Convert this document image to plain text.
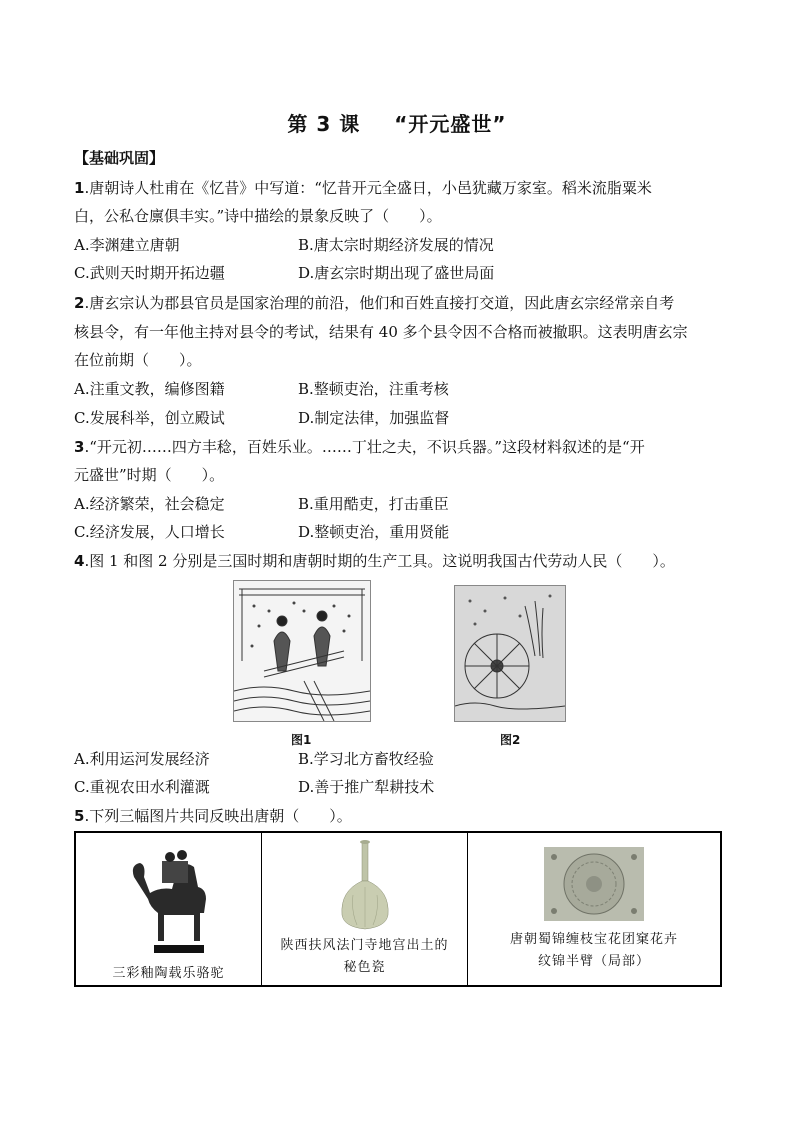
第 3 课 “开元盛世”
【基础巩固】
1.唐朝诗人杜甫在《忆昔》中写道：“忆昔开元全盛日，小邑犹藏万家室。稻米流脂粟米
白，公私仓廪俱丰实。”诗中描绘的景象反映了（　　）。
A.李渊建立唐朝	B.唐太宗时期经济发展的情况
C.武则天时期开拓边疆	D.唐玄宗时期出现了盛世局面
2.唐玄宗认为郡县官员是国家治理的前沿，他们和百姓直接打交道，因此唐玄宗经常亲自考
核县令，有一年他主持对县令的考试，结果有 40 多个县令因不合格而被撤职。这表明唐玄宗
在位前期（　　）。
A.注重文教，编修图籍	B.整顿吏治，注重考核
C.发展科举，创立殿试	D.制定法律，加强监督
3.“开元初……四方丰稔，百姓乐业。……丁壮之夫，不识兵器。”这段材料叙述的是“开
元盛世”时期（　　）。
A.经济繁荣，社会稳定	B.重用酷吏，打击重臣
C.经济发展，人口增长	D.整顿吏治，重用贤能
4.图 1 和图 2 分别是三国时期和唐朝时期的生产工具。这说明我国古代劳动人民（　　）。
图1	图2
A.利用运河发展经济	B.学习北方畜牧经验
C.重视农田水利灌溉	D.善于推广犁耕技术
5.下列三幅图片共同反映出唐朝（　　）。
三彩釉陶载乐骆驼

陕西扶风法门寺地宫出土的
秘色瓷

唐朝蜀锦缠枝宝花团窠花卉
纹锦半臂（局部）
